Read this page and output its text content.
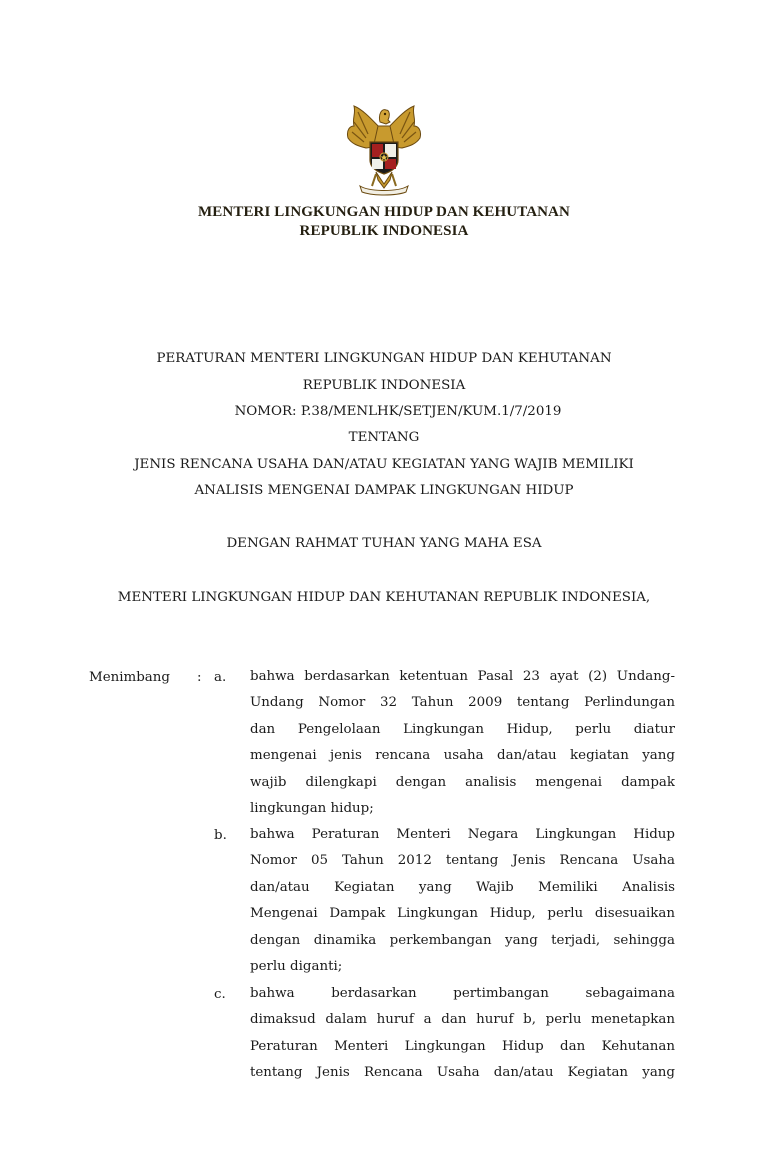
MENTERI LINGKUNGAN HIDUP DAN KEHUTANAN
REPUBLIK INDONESIA
PERATURAN MENTERI LINGKUNGAN HIDUP DAN KEHUTANAN
REPUBLIK INDONESIA
NOMOR: P.38/MENLHK/SETJEN/KUM.1/7/2019
TENTANG
JENIS RENCANA USAHA DAN/ATAU KEGIATAN YANG WAJIB MEMILIKI
ANALISIS MENGENAI DAMPAK LINGKUNGAN HIDUP
DENGAN RAHMAT TUHAN YANG MAHA ESA
MENTERI LINGKUNGAN HIDUP DAN KEHUTANAN REPUBLIK INDONESIA,
Menimbang : a. bahwa berdasarkan ketentuan Pasal 23 ayat (2) Undang-
Undang Nomor 32 Tahun 2009 tentang Perlindungan
dan Pengelolaan Lingkungan Hidup, perlu diatur
mengenai jenis rencana usaha dan/atau kegiatan yang
wajib dilengkapi dengan analisis mengenai dampak
lingkungan hidup;
b. bahwa Peraturan Menteri Negara Lingkungan Hidup
Nomor 05 Tahun 2012 tentang Jenis Rencana Usaha
dan/atau Kegiatan yang Wajib Memiliki Analisis
Mengenai Dampak Lingkungan Hidup, perlu disesuaikan
dengan dinamika perkembangan yang terjadi, sehingga
perlu diganti;
c. bahwa berdasarkan pertimbangan sebagaimana
dimaksud dalam huruf a dan huruf b, perlu menetapkan
Peraturan Menteri Lingkungan Hidup dan Kehutanan
tentang Jenis Rencana Usaha dan/atau Kegiatan yang
